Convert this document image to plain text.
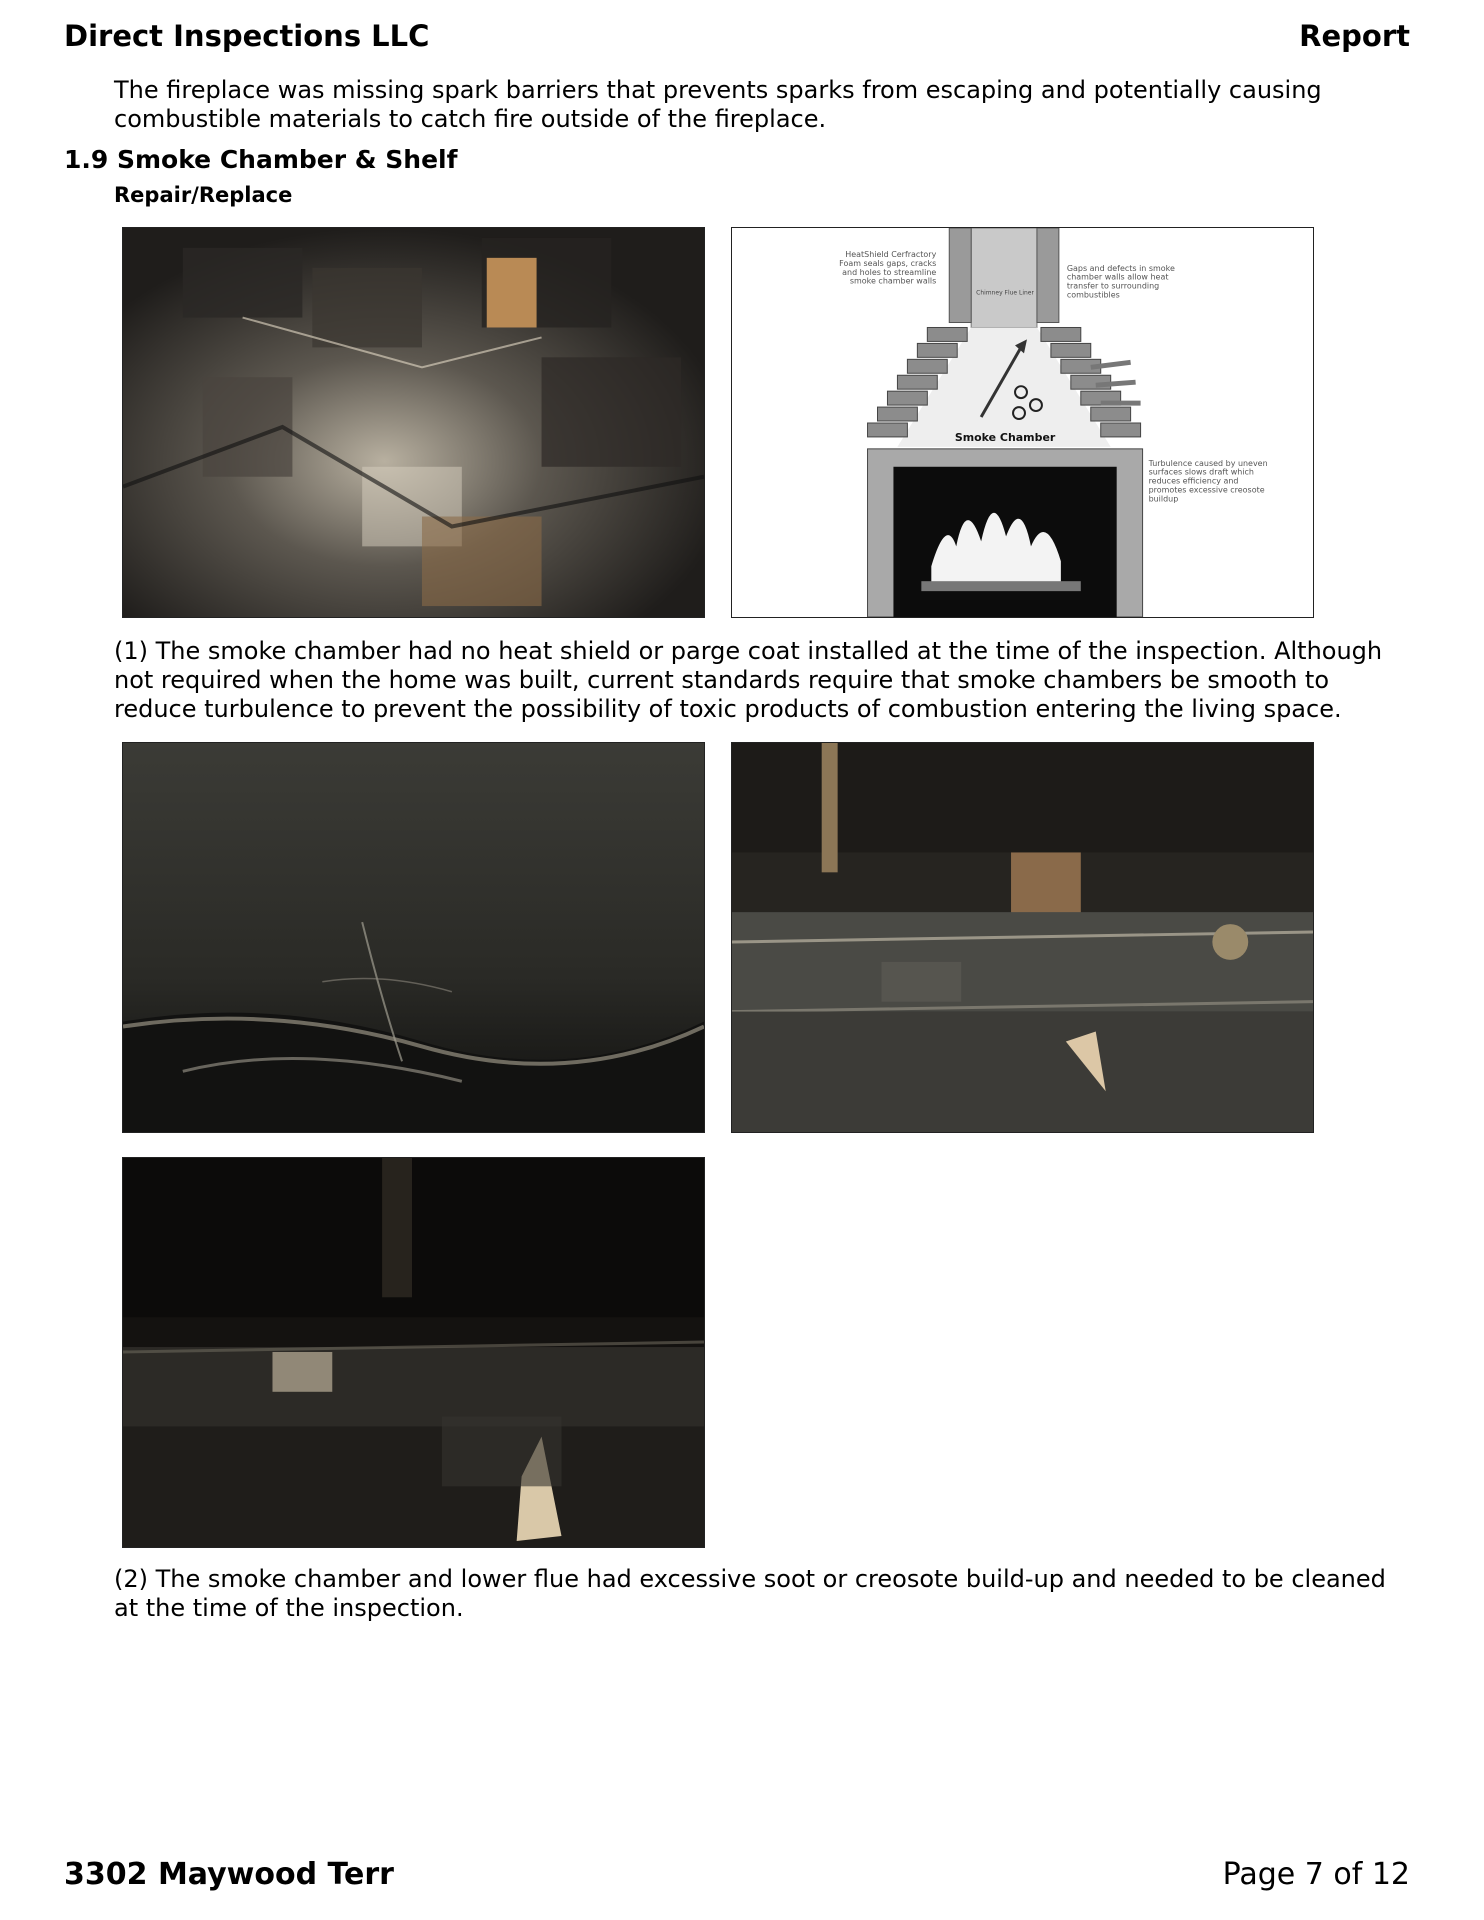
Direct Inspections LLC	Report

The fireplace was missing spark barriers that prevents sparks from escaping and potentially causing combustible materials to catch fire outside of the fireplace.

1.9 Smoke Chamber & Shelf
Repair/Replace
HeatShield Cerfractory Foam seals gaps, cracks and holes to streamline smoke chamber walls
Gaps and defects in smoke chamber walls allow heat transfer to surrounding combustibles
Chimney Flue Liner
Smoke Chamber
Turbulence caused by uneven surfaces slows draft which reduces efficiency and promotes excessive creosote buildup

(1) The smoke chamber had no heat shield or parge coat installed at the time of the inspection. Although not required when the home was built, current standards require that smoke chambers be smooth to reduce turbulence to prevent the possibility of toxic products of combustion entering the living space.

(2) The smoke chamber and lower flue had excessive soot or creosote build-up and needed to be cleaned at the time of the inspection.

3302 Maywood Terr	Page 7 of 12
